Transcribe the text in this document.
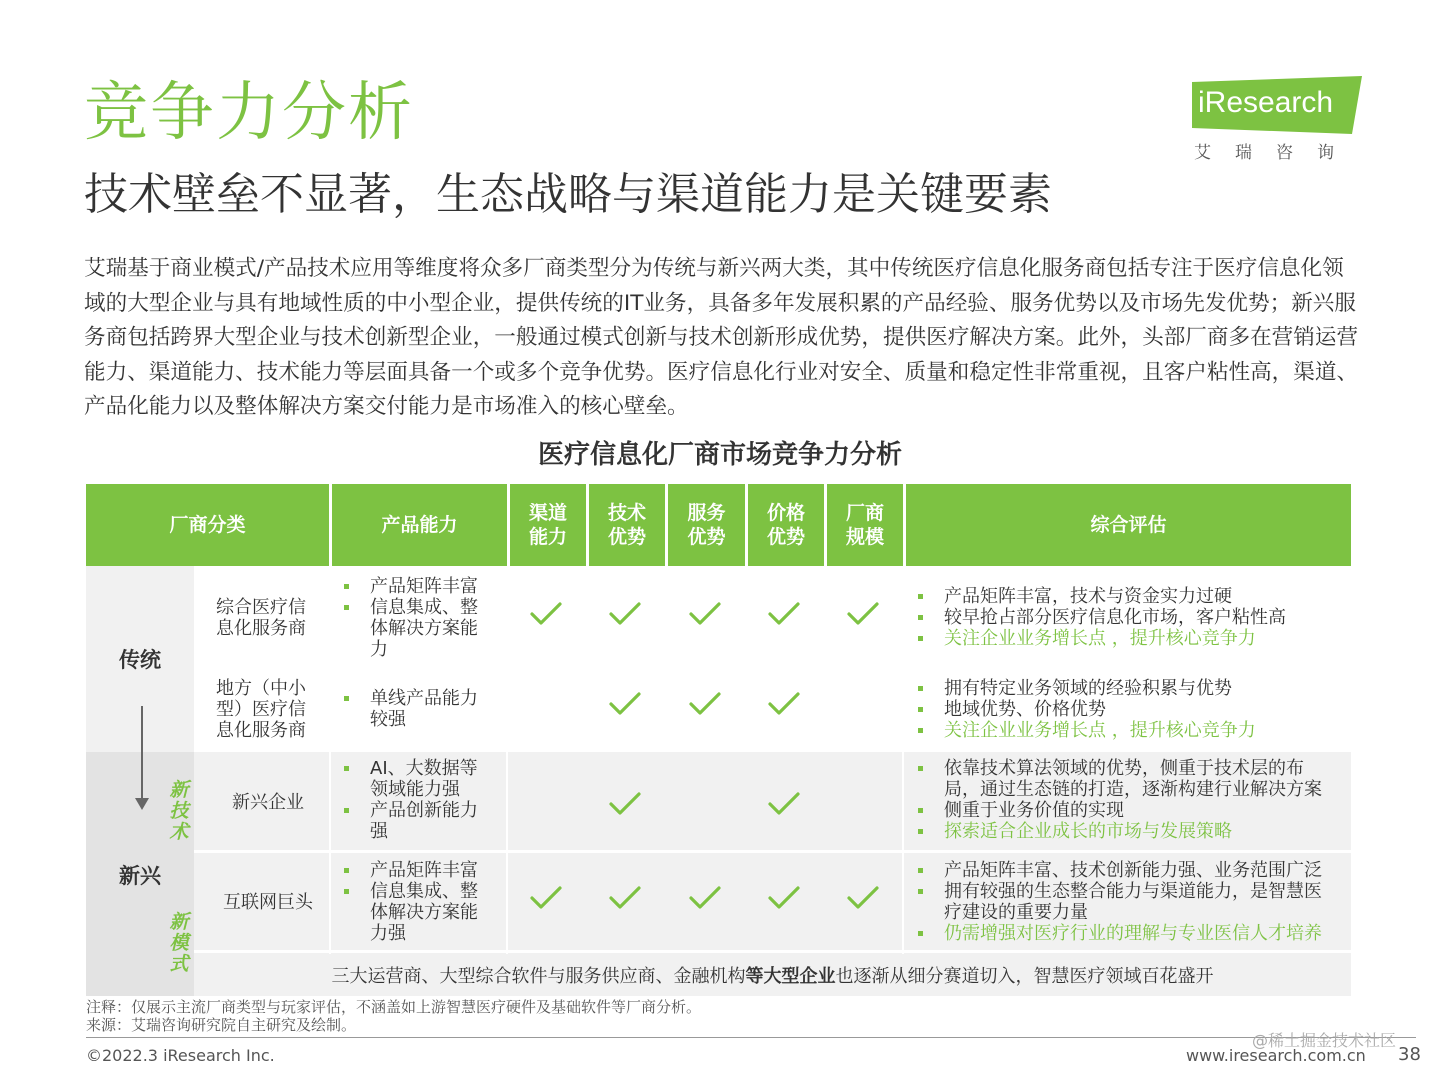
竞争力分析
技术壁垒不显著，生态战略与渠道能力是关键要素
iResearch
艾瑞咨询

艾瑞基于商业模式/产品技术应用等维度将众多厂商类型分为传统与新兴两大类，其中传统医疗信息化服务商包括专注于医疗信息化领域的大型企业与具有地域性质的中小型企业，提供传统的IT业务，具备多年发展积累的产品经验、服务优势以及市场先发优势；新兴服务商包括跨界大型企业与技术创新型企业，一般通过模式创新与技术创新形成优势，提供医疗解决方案。此外，头部厂商多在营销运营能力、渠道能力、技术能力等层面具备一个或多个竞争优势。医疗信息化行业对安全、质量和稳定性非常重视，且客户粘性高，渠道、产品化能力以及整体解决方案交付能力是市场准入的核心壁垒。

医疗信息化厂商市场竞争力分析
厂商分类	产品能力
渠道
能力
技术
优势
服务
优势
价格
优势
厂商
规模
综合评估
传统
新兴
新
技
术
新
模
式
综合医疗信息化服务商
产品矩阵丰富
信息集成、整体解决方案能力
产品矩阵丰富，技术与资金实力过硬
较早抢占部分医疗信息化市场，客户粘性高
关注企业业务增长点 ，提升核心竞争力
地方（中小型）医疗信息化服务商
单线产品能力较强
拥有特定业务领域的经验积累与优势
地域优势、价格优势
关注企业业务增长点 ，提升核心竞争力
新兴企业
AI、大数据等领域能力强
产品创新能力强
依靠技术算法领域的优势，侧重于技术层的布局，通过生态链的打造，逐渐构建行业解决方案
侧重于业务价值的实现
探索适合企业成长的市场与发展策略
互联网巨头
产品矩阵丰富
信息集成、整体解决方案能力强
产品矩阵丰富、技术创新能力强、业务范围广泛
拥有较强的生态整合能力与渠道能力，是智慧医疗建设的重要力量
仍需增强对医疗行业的理解与专业医信人才培养
三大运营商、大型综合软件与服务供应商、金融机构 等大型企业 也逐渐从细分赛道切入，智慧医疗领域百花盛开
注释：仅展示主流厂商类型与玩家评估，不涵盖如上游智慧医疗硬件及基础软件等厂商分析。
来源：艾瑞咨询研究院自主研究及绘制。
©2022.3 iResearch Inc.
@稀土掘金技术社区
www.iresearch.com.cn 38
